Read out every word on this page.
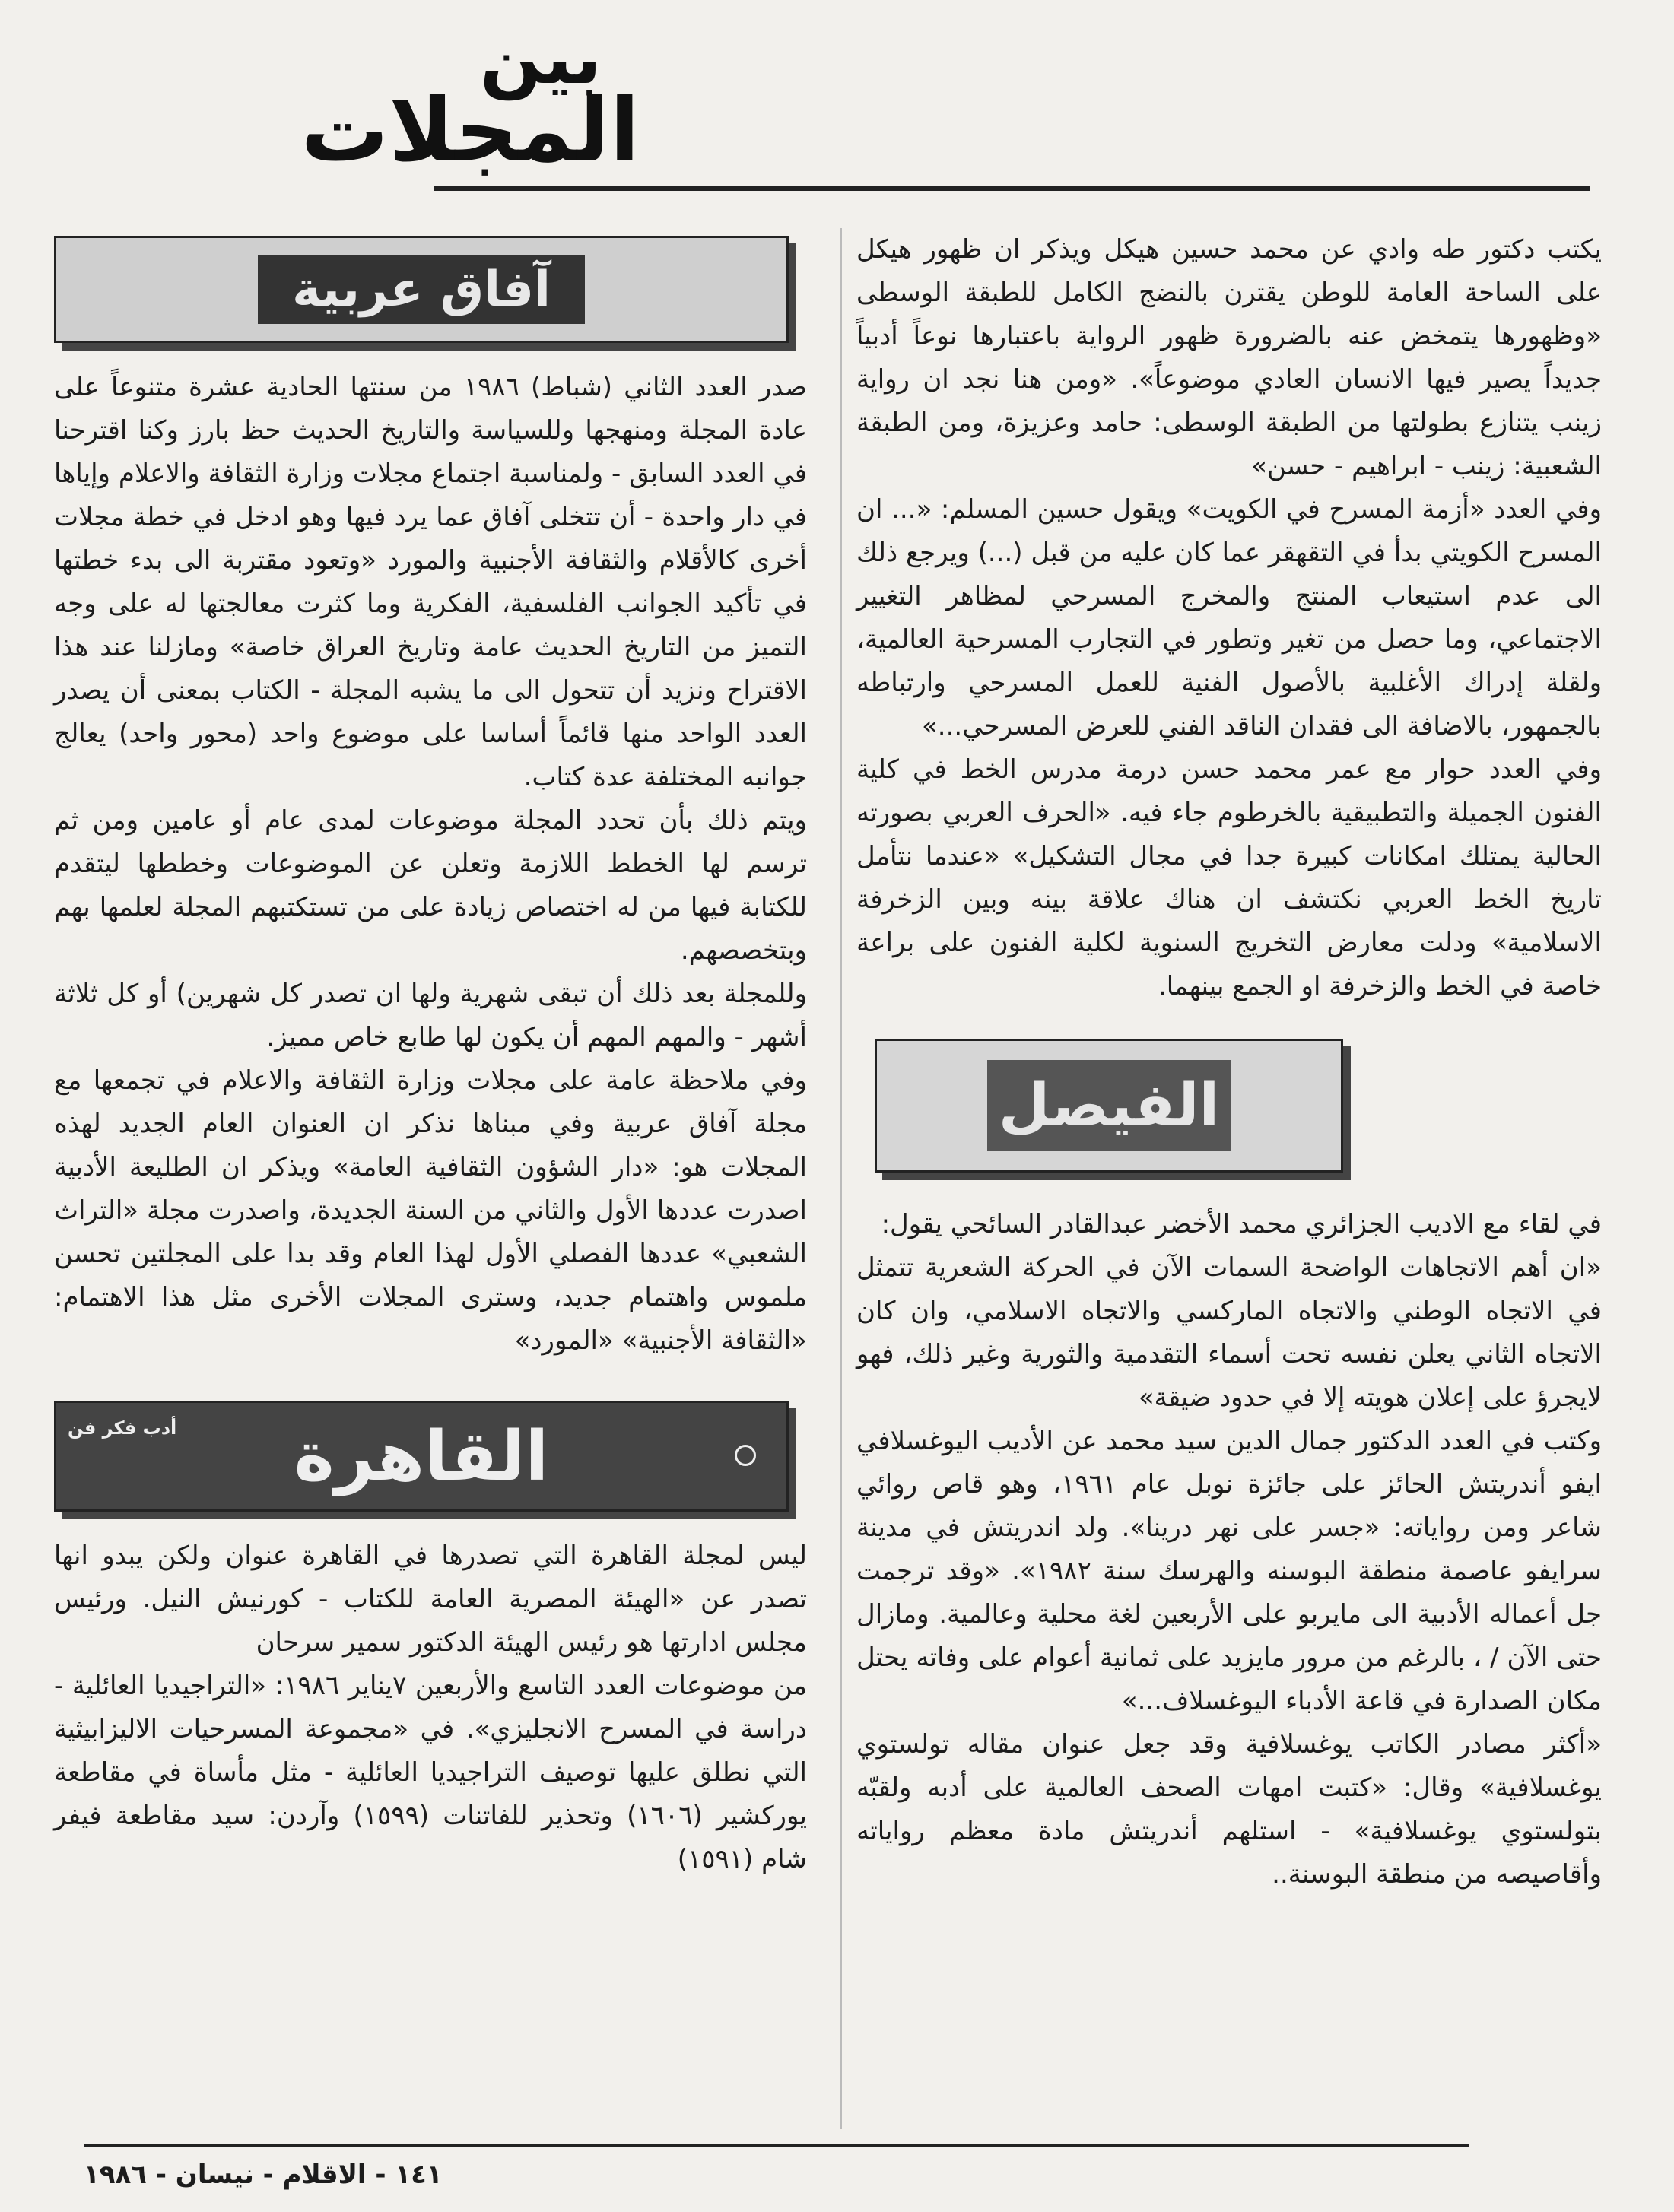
بين
المجلات

يكتب دكتور طه وادي عن محمد حسين هيكل ويذكر ان ظهور هيكل على الساحة العامة للوطن يقترن بالنضج الكامل للطبقة الوسطى «وظهورها يتمخض عنه بالضرورة ظهور الرواية باعتبارها نوعاً أدبياً جديداً يصير فيها الانسان العادي موضوعاً». «ومن هنا نجد ان رواية زينب يتنازع بطولتها من الطبقة الوسطى: حامد وعزيزة، ومن الطبقة الشعبية: زينب - ابراهيم - حسن»

وفي العدد «أزمة المسرح في الكويت» ويقول حسين المسلم: «... ان المسرح الكويتي بدأ في التقهقر عما كان عليه من قبل (...) ويرجع ذلك الى عدم استيعاب المنتج والمخرج المسرحي لمظاهر التغيير الاجتماعي، وما حصل من تغير وتطور في التجارب المسرحية العالمية، ولقلة إدراك الأغلبية بالأصول الفنية للعمل المسرحي وارتباطه بالجمهور، بالاضافة الى فقدان الناقد الفني للعرض المسرحي...»

وفي العدد حوار مع عمر محمد حسن درمة مدرس الخط في كلية الفنون الجميلة والتطبيقية بالخرطوم جاء فيه. «الحرف العربي بصورته الحالية يمتلك امكانات كبيرة جدا في مجال التشكيل» «عندما نتأمل تاريخ الخط العربي نكتشف ان هناك علاقة بينه وبين الزخرفة الاسلامية» ودلت معارض التخريج السنوية لكلية الفنون على براعة خاصة في الخط والزخرفة او الجمع بينهما.

الفيصل

في لقاء مع الاديب الجزائري محمد الأخضر عبدالقادر السائحي يقول:

«ان أهم الاتجاهات الواضحة السمات الآن في الحركة الشعرية تتمثل في الاتجاه الوطني والاتجاه الماركسي والاتجاه الاسلامي، وان كان الاتجاه الثاني يعلن نفسه تحت أسماء التقدمية والثورية وغير ذلك، فهو لايجرؤ على إعلان هويته إلا في حدود ضيقة»

وكتب في العدد الدكتور جمال الدين سيد محمد عن الأديب اليوغسلافي ايفو أندريتش الحائز على جائزة نوبل عام ١٩٦١، وهو قاص روائي شاعر ومن رواياته: «جسر على نهر درينا». ولد اندريتش في مدينة سرايفو عاصمة منطقة البوسنه والهرسك سنة ١٩٨٢». «وقد ترجمت جل أعماله الأدبية الى مايربو على الأربعين لغة محلية وعالمية. ومازال حتى الآن / ، بالرغم من مرور مايزيد على ثمانية أعوام على وفاته يحتل مكان الصدارة في قاعة الأدباء اليوغسلاف...»

«أكثر مصادر الكاتب يوغسلافية وقد جعل عنوان مقاله تولستوي يوغسلافية» وقال: «كتبت امهات الصحف العالمية على أدبه ولقبّه بتولستوي يوغسلافية» - استلهم أندريتش مادة معظم رواياته وأقاصيصه من منطقة البوسنة..

آفاق عربية

صدر العدد الثاني (شباط) ١٩٨٦ من سنتها الحادية عشرة متنوعاً على عادة المجلة ومنهجها وللسياسة والتاريخ الحديث حظ بارز وكنا اقترحنا في العدد السابق - ولمناسبة اجتماع مجلات وزارة الثقافة والاعلام وإياها في دار واحدة - أن تتخلى آفاق عما يرد فيها وهو ادخل في خطة مجلات أخرى كالأقلام والثقافة الأجنبية والمورد «وتعود مقتربة الى بدء خطتها في تأكيد الجوانب الفلسفية، الفكرية وما كثرت معالجتها له على وجه التميز من التاريخ الحديث عامة وتاريخ العراق خاصة» ومازلنا عند هذا الاقتراح ونزيد أن تتحول الى ما يشبه المجلة - الكتاب بمعنى أن يصدر العدد الواحد منها قائماً أساسا على موضوع واحد (محور واحد) يعالج جوانبه المختلفة عدة كتاب.

ويتم ذلك بأن تحدد المجلة موضوعات لمدى عام أو عامين ومن ثم ترسم لها الخطط اللازمة وتعلن عن الموضوعات وخططها ليتقدم للكتابة فيها من له اختصاص زيادة على من تستكتبهم المجلة لعلمها بهم وبتخصصهم.

وللمجلة بعد ذلك أن تبقى شهرية ولها ان تصدر كل شهرين) أو كل ثلاثة أشهر - والمهم المهم أن يكون لها طابع خاص مميز.

وفي ملاحظة عامة على مجلات وزارة الثقافة والاعلام في تجمعها مع مجلة آفاق عربية وفي مبناها نذكر ان العنوان العام الجديد لهذه المجلات هو: «دار الشؤون الثقافية العامة» ويذكر ان الطليعة الأدبية اصدرت عددها الأول والثاني من السنة الجديدة، واصدرت مجلة «التراث الشعبي» عددها الفصلي الأول لهذا العام وقد بدا على المجلتين تحسن ملموس واهتمام جديد، وسترى المجلات الأخرى مثل هذا الاهتمام: «الثقافة الأجنبية» «المورد»

القاهرة
أدب فكر فن

ليس لمجلة القاهرة التي تصدرها في القاهرة عنوان ولكن يبدو انها تصدر عن «الهيئة المصرية العامة للكتاب - كورنيش النيل. ورئيس مجلس ادارتها هو رئيس الهيئة الدكتور سمير سرحان

من موضوعات العدد التاسع والأربعين ٧يناير ١٩٨٦: «التراجيديا العائلية - دراسة في المسرح الانجليزي». في «مجموعة المسرحيات الاليزابيثية التي نطلق عليها توصيف التراجيديا العائلية - مثل مأساة في مقاطعة يوركشير (١٦٠٦) وتحذير للفاتنات (١٥٩٩) وآردن: سيد مقاطعة فيفر شام (١٥٩١)

١٤١ - الاقلام - نيسان - ١٩٨٦
